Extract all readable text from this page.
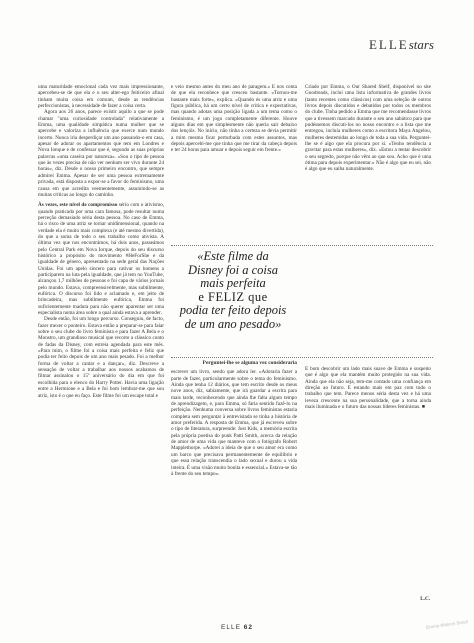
ELLEstars

uma maturidade emocional cada vez mais impressionante, apercebeu-se de que ela e o seu alter-ego feiticeiro afinal tinham muita coisa em comum, desde as tendências perfeccionistas, à necessidade de fazer a coisa certa.

Agora aos 26 anos, parece existir aquilo a que se pode chamar "uma curiosidade controlada" relativamente a Emma, uma qualidade simpática numa mulher que se apercebe e valoriza a influência que exerce num mundo incerto. Nunca iria desperdiçar um ano passando-o em casa, apesar de adorar os apartamentos que tem em Londres e Nova Ionque e de confessar que é, segundo as suas próprias palavras «uma caseira por natureza». «Sou o tipo de pessoa que às vezes precisa de não ver nenhum ser vivo durante 24 horas», diz. Desde o nosso primeiro encontro, que sempre admirei Emma. Apesar de ser uma pessoa extremamente privada, está disposta a expor-se a favor do feminismo, uma causa em que acredita veementemente, assumindo-se as muitas críticas ao longo do caminho.

Às vezes, este nível de compromisso sério com o ativismo, quando praticado por uma cara famosa, pode resultar numa perceção demasiado séria desta pessoa. No caso de Emma, há o risco de uma atriz se tornar unidimensional, quando na verdade ela é muito mais complexa (e até mesmo divertida), do que a soma de todo o seu trabalho como ativista. A última vez que nos encontrámos, há dois anos, passeámos pelo Central Park em Nova Iorque, depois do seu discurso histórico a propósito do movimento #HeForShe e da igualdade de género, apresentado na sede geral das Nações Unidas. Foi um apelo sincero para cativar os homens a participarem na luta pela igualdade, que já tem no YouTube, alcançou 1,7 milhões de pessoas e foi capa de vários jornais pelo mundo. Estava, compreensivelmente, mas subtilmente, eufórica. O discurso foi lido e aclamado e, em jeito de brincadeira, mas subtilmente eufórica, Emma foi suficientemente madura para não querer aparentar ser uma especialista numa área sobre a qual ainda estava a aprender.

Desde então, foi um longo percurso. Conseguiu, de facto, fazer mexer o ponteiro. Estava então a preparar-se para falar sobre o seu clube do livro feminista e para fazer A Bela e o Monstro, um grandioso musical que recorre a clássico conto de fadas da Disney, com estreia agendada para este mês. «Para mim, o filme foi a coisa mais perfeita e feliz que podia ter feito depois de um ano mais pesado. Foi a melhor forma de voltar a cantar e a dançar», diz. Descreve a sensação de voltar a trabalhar aos nossos acabamos de filmar assinalou o 15º aniversário do dia em que foi escolhida para o elenco do Harry Potter. Havia uma ligação entre a Hermione e a Bela e foi bom lembrar-me que sou atriz, isto é o que eu faço. Este filme foi um escape total e

e veio mesmo antes do meu ano de paragem.» E nos conta de que ela reconhece que cresceu bastante. «Tornou-me bastante mais forte», explica. «Quando és uma atriz e uma figura pública, há um certo nível de crítica e expectativas, mas quando adotas uma posição ligada a um tema como o feminismo, é um jogo completamente diferente. Houve alguns dias em que simplesmente não queria sair debaixo dos lençóis. No início, não tinha a certeza se devia permitir a mim mesma ficar perturbada com estes assuntos, mas depois apercebi-me que tinha que me tirar da cabeça depois e ter 24 horas para amuar e depois seguir em frente.»

Criado por Emma, o Our Shared Shelf, disponível no site Goodreads, inclui uma lista informativa de grandes livros (tanto recentes como clássicos) com uma seleção de outros livros depois discutidos e debatidos por todos os membros do clube. Tinha pedido a Emma que me recomendasse livros que a tivessem marcado durante o seu ano sabático para que pudéssemos discuti-los no nosso encontro e a lista que me entregou, incluía mulheres como a escritora Maya Angelou, mulheres destemidas ao longo de toda a sua vida. Perguntei-lhe se é algo que ela procura por si. «Tenho tendência a gravitar para estas mulheres», diz. «Estou a tentar descobrir o seu segredo, porque não vêm ao que sou. Acho que é uma ótima para depois experimentar.» Não é algo que eu sei, não é algo que eu saiba naturalmente.

«Este filme da
Disney foi a coisa
mais perfeita
e FELIZ que
podia ter feito depois
de um ano pesado»

Perguntei-lhe se alguma vez consideraria

escrever um livro, sendo que adora ler. «Adoraria fazer a parte de fazer, particularmente sobre o tema do feminismo. Ainda que tenha 12 diários, que tem escrito desde os meus nove anos, diz, sabiamente, que irá guardar a escrita para mais tarde, reconhecendo que ainda lhe falta algum tempo de aprendizagem, e, para Emma, só faria sentido fazê-lo na perfeição. Nenhuma conversa sobre livros feministas estaria completa sem perguntar à entrevistada se tinha a história de amor preferida. A resposta de Emma, que já escreveu sobre o tipo de literatura, surpreende: Just Kids, a memória escrita pela própria poetisa do punk Patti Smith, acerca da relação de amor de uma vida que manteve com o fotógrafo Robert Mapplethorpe. «Adorei a ideia de que o seu amor era como um barco que precisava permanentemente de equilíbrio e que essa relação transcendia o lado sexual e durou a vida inteira. É uma visão muito bonita e essencial.» Estava-se tão à frente do seu tempo».

É bom descobrir um lado mais suave de Emma e suspeito que é algo que ela mantém muito protegido na sua vida. Ainda que ela não seja, tem-me contado uma confiança em direção ao futuro. E estando mais em paz com todo o trabalho que tem. Parece menos séria desta vez e há uma leveza crescente na sua personalidade, que a torna ainda mais iluminada e o futuro das nossas líderes feministas. ■

L.C.
ELLE 62	Emma Watson Brasil
